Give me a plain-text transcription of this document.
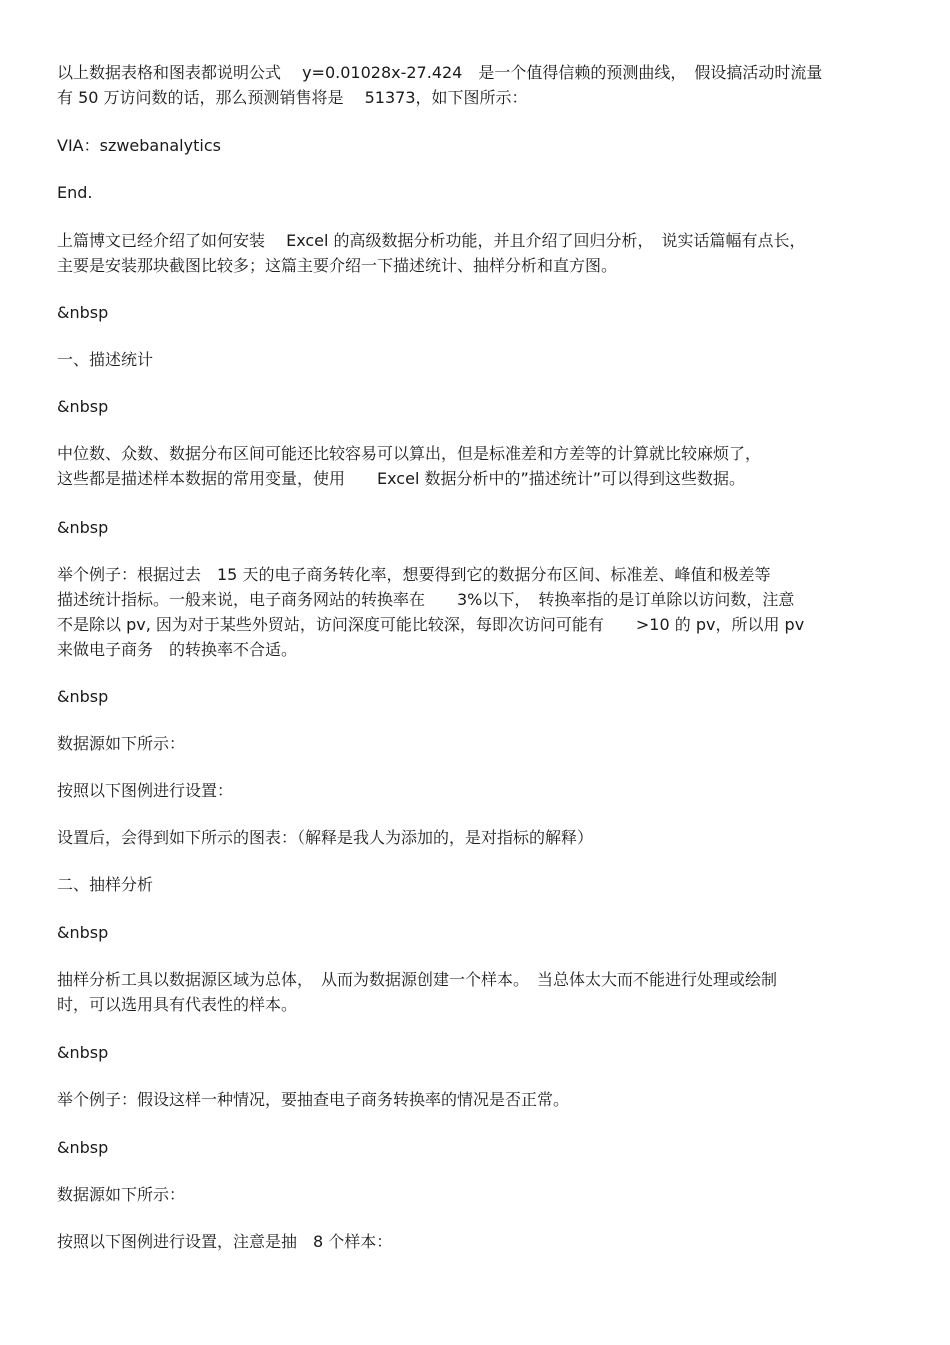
以上数据表格和图表都说明公式　 y=0.01028x-27.424　是一个值得信赖的预测曲线，　假设搞活动时流量
有 50 万访问数的话，那么预测销售将是　 51373，如下图所示：
VIA：szwebanalytics
End.
上篇博文已经介绍了如何安装　 Excel 的高级数据分析功能，并且介绍了回归分析，　说实话篇幅有点长，
主要是安装那块截图比较多；这篇主要介绍一下描述统计、抽样分析和直方图。
&nbsp
一、描述统计
&nbsp
中位数、众数、数据分布区间可能还比较容易可以算出，但是标准差和方差等的计算就比较麻烦了，
这些都是描述样本数据的常用变量，使用　　Excel 数据分析中的”描述统计”可以得到这些数据。
&nbsp
举个例子：根据过去　15 天的电子商务转化率，想要得到它的数据分布区间、标准差、峰值和极差等
描述统计指标。一般来说，电子商务网站的转换率在　　3%以下，　转换率指的是订单除以访问数，注意
不是除以 pv, 因为对于某些外贸站，访问深度可能比较深，每即次访问可能有　　>10 的 pv，所以用 pv
来做电子商务　的转换率不合适。
&nbsp
数据源如下所示：
按照以下图例进行设置：
设置后，会得到如下所示的图表：（解释是我人为添加的，是对指标的解释）
二、抽样分析
&nbsp
抽样分析工具以数据源区域为总体，　从而为数据源创建一个样本。　当总体太大而不能进行处理或绘制
时，可以选用具有代表性的样本。
&nbsp
举个例子：假设这样一种情况，要抽查电子商务转换率的情况是否正常。
&nbsp
数据源如下所示：
按照以下图例进行设置，注意是抽　8 个样本：
